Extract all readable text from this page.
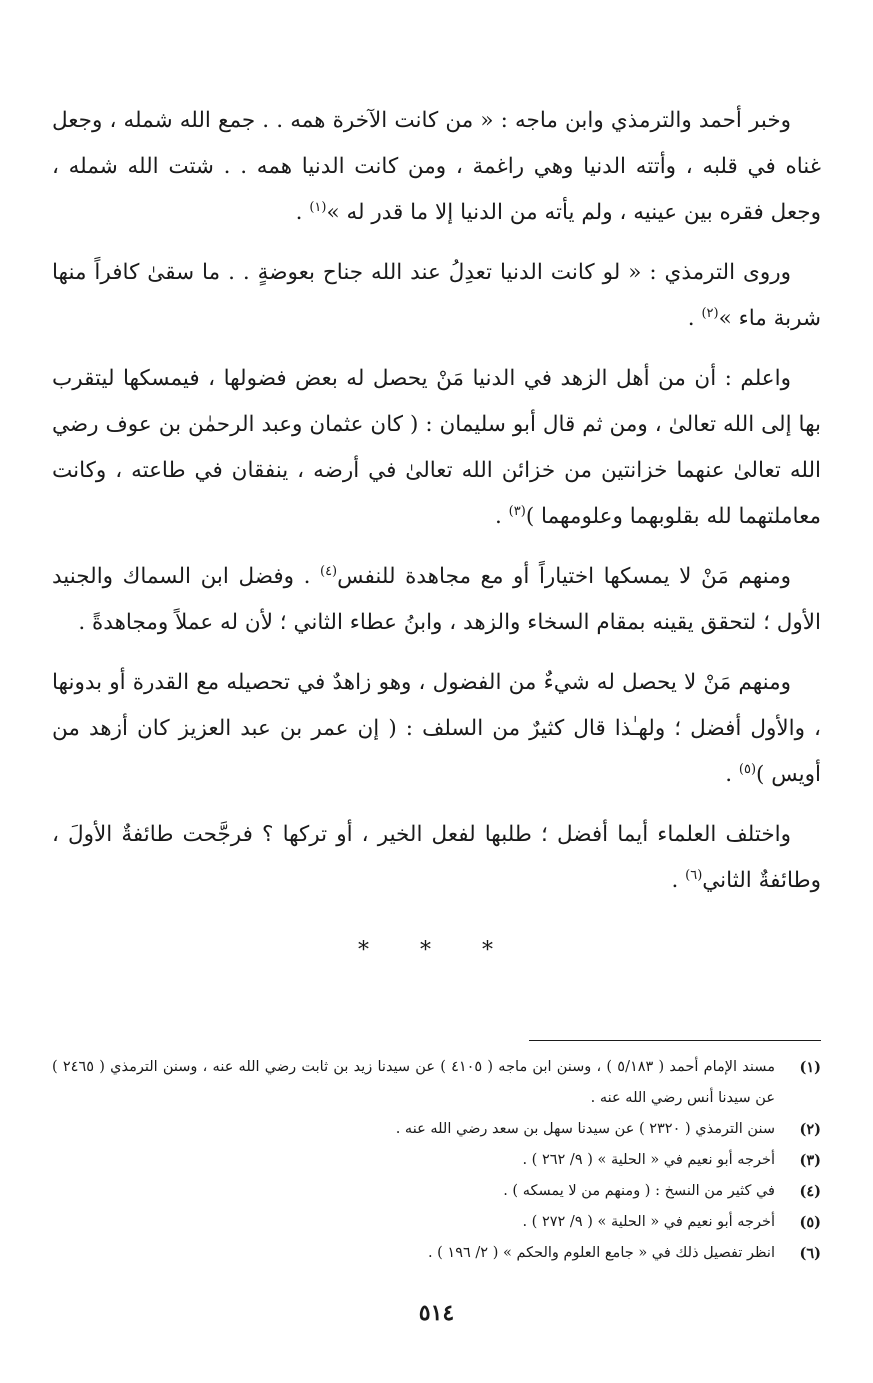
وخبر أحمد والترمذي وابن ماجه : « من كانت الآخرة همه . . جمع الله شمله ، وجعل غناه في قلبه ، وأتته الدنيا وهي راغمة ، ومن كانت الدنيا همه . . شتت الله شمله ، وجعل فقره بين عينيه ، ولم يأته من الدنيا إلا ما قدر له »$^{(١)}$ .

وروى الترمذي : « لو كانت الدنيا تعدِلُ عند الله جناح بعوضةٍ . . ما سقىٰ كافراً منها شربة ماء »$^{(٢)}$ .

واعلم : أن من أهل الزهد في الدنيا مَنْ يحصل له بعض فضولها ، فيمسكها ليتقرب بها إلى الله تعالىٰ ، ومن ثم قال أبو سليمان : ( كان عثمان وعبد الرحمٰن بن عوف رضي الله تعالىٰ عنهما خزانتين من خزائن الله تعالىٰ في أرضه ، ينفقان في طاعته ، وكانت معاملتهما لله بقلوبهما وعلومهما )$^{(٣)}$ .

ومنهم مَنْ لا يمسكها اختياراً أو مع مجاهدة للنفس$^{(٤)}$ . وفضل ابن السماك والجنيد الأول ؛ لتحقق يقينه بمقام السخاء والزهد ، وابنُ عطاء الثاني ؛ لأن له عملاً ومجاهدةً .

ومنهم مَنْ لا يحصل له شيءٌ من الفضول ، وهو زاهدٌ في تحصيله مع القدرة أو بدونها ، والأول أفضل ؛ ولهـٰذا قال كثيرٌ من السلف : ( إن عمر بن عبد العزيز كان أزهد من أويس )$^{(٥)}$ .

واختلف العلماء أيما أفضل ؛ طلبها لفعل الخير ، أو تركها ؟ فرجَّحت طائفةٌ الأولَ ، وطائفةٌ الثاني$^{(٦)}$ .

* * *
(١)
مسند الإمام أحمد ( ٥/١٨٣ ) ، وسنن ابن ماجه ( ٤١٠٥ ) عن سيدنا زيد بن ثابت رضي الله عنه ، وسنن الترمذي ( ٢٤٦٥ ) عن سيدنا أنس رضي الله عنه .
(٢)
سنن الترمذي ( ٢٣٢٠ ) عن سيدنا سهل بن سعد رضي الله عنه .
(٣)
أخرجه أبو نعيم في « الحلية » ( ٩/ ٢٦٢ ) .
(٤)
في كثير من النسخ : ( ومنهم من لا يمسكه ) .
(٥)
أخرجه أبو نعيم في « الحلية » ( ٩/ ٢٧٢ ) .
(٦)
انظر تفصيل ذلك في « جامع العلوم والحكم » ( ٢/ ١٩٦ ) .
٥١٤
